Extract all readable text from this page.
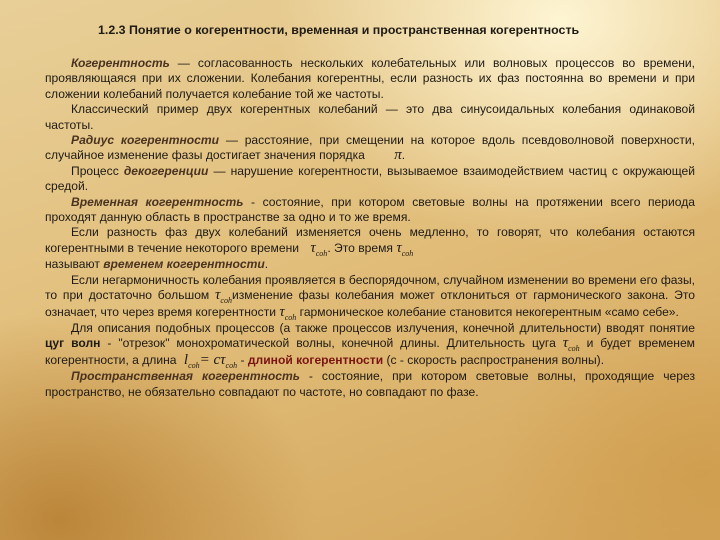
1.2.3 Понятие о когерентности, временная и пространственная когерентность

Когерентность — согласованность нескольких колебательных или волновых процессов во времени, проявляющаяся при их сложении. Колебания когерентны, если разность их фаз постоянна во времени и при сложении колебаний получается колебание той же частоты.

Классический пример двух когерентных колебаний — это два синусоидальных колебания одинаковой частоты.

Радиус когерентности — расстояние, при смещении на которое вдоль псевдоволновой поверхности, случайное изменение фазы достигает значения порядка π.

Процесс декогеренции — нарушение когерентности, вызываемое взаимодействием частиц с окружающей средой.

Временная когерентность - состояние, при котором световые волны на протяжении всего периода проходят данную область в пространстве за одно и то же время.

Если разность фаз двух колебаний изменяется очень медленно, то говорят, что колебания остаются когерентными в течение некоторого времени $\tau_{coh}$. Это время $\tau_{coh}$
называют временем когерентности.

Если негармоничность колебания проявляется в беспорядочном, случайном изменении во времени его фазы, то при достаточно большом $\tau_{coh}изменение$ фазы колебания может отклониться от гармонического закона. Это означает, что через время когерентности $\tau_{coh}$ гармоническое колебание становится некогерентным «само себе».

Для описания подобных процессов (а также процессов излучения, конечной длительности) вводят понятие цуг волн - "отрезок" монохроматической волны, конечной длины. Длительность цуга $\tau_{coh}$ и будет временем когерентности, а длина $l_{coh}= c\tau_{coh}$ - длиной когерентности (c - скорость распространения волны).

Пространственная когерентность - состояние, при котором световые волны, проходящие через пространство, не обязательно совпадают по частоте, но совпадают по фазе.
